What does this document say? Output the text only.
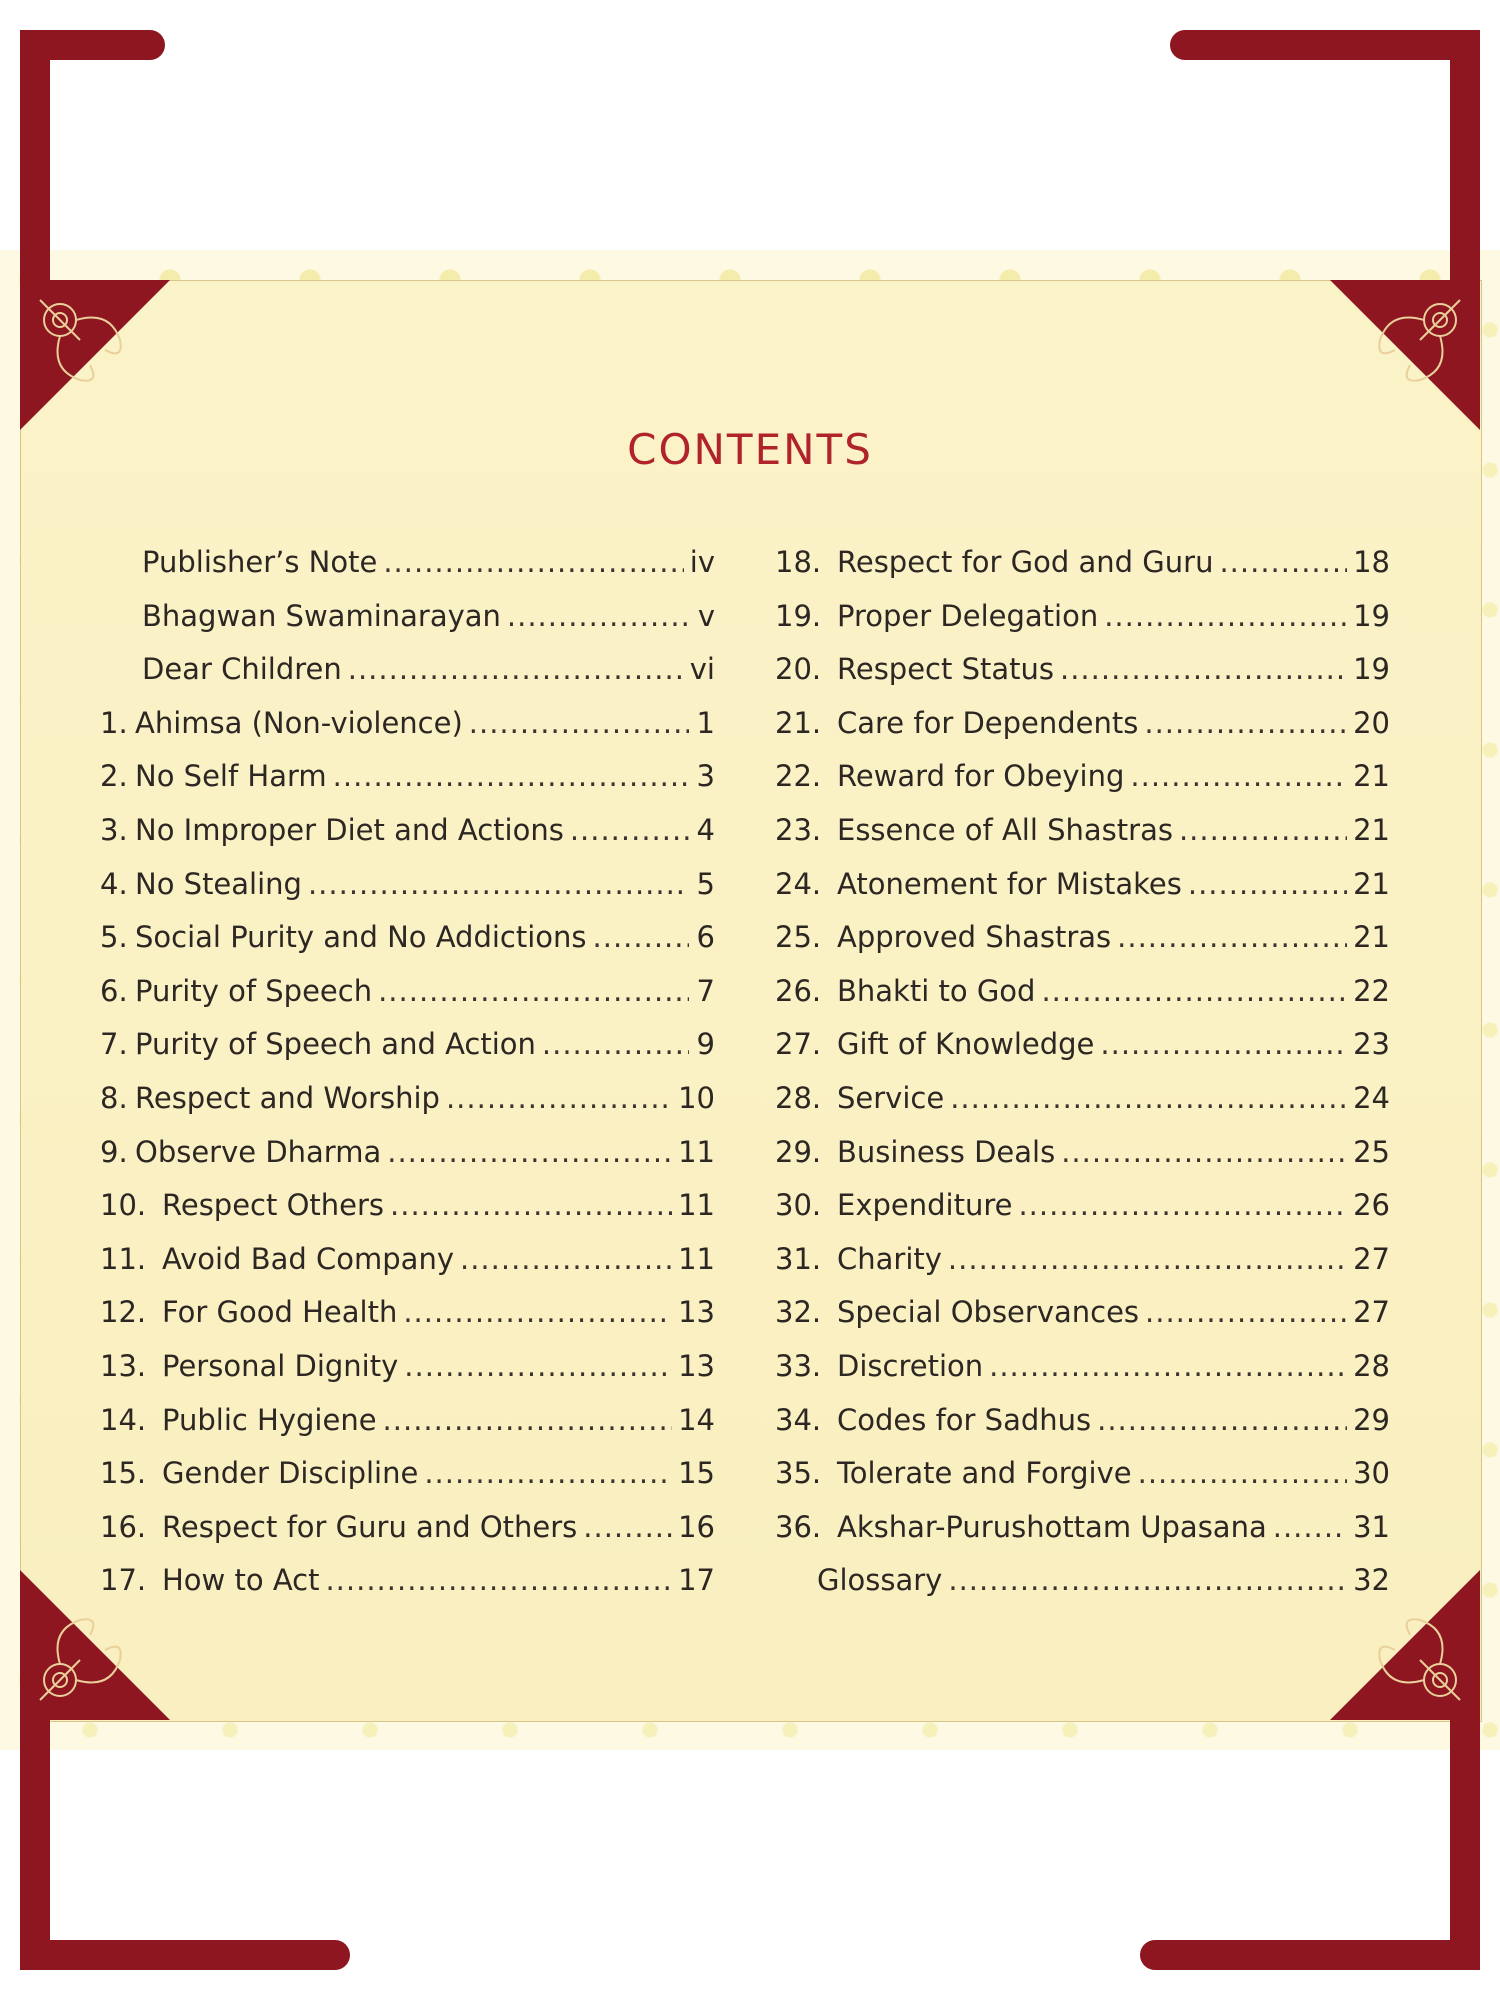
CONTENTS
Publisher’s Note .....	iv
Bhagwan Swaminarayan .....	v
Dear Children .....	vi
1. Ahimsa (Non-violence) .....	1
2. No Self Harm .....	3
3. No Improper Diet and Actions .....	4
4. No Stealing .....	5
5. Social Purity and No Addictions .....	6
6. Purity of Speech .....	7
7. Purity of Speech and Action .....	9
8. Respect and Worship .....	10
9. Observe Dharma .....	11
10. Respect Others .....	11
11. Avoid Bad Company .....	11
12. For Good Health .....	13
13. Personal Dignity .....	13
14. Public Hygiene .....	14
15. Gender Discipline .....	15
16. Respect for Guru and Others .....	16
17. How to Act .....	17
18. Respect for God and Guru .....	18
19. Proper Delegation .....	19
20. Respect Status .....	19
21. Care for Dependents .....	20
22. Reward for Obeying .....	21
23. Essence of All Shastras .....	21
24. Atonement for Mistakes .....	21
25. Approved Shastras .....	21
26. Bhakti to God .....	22
27. Gift of Knowledge .....	23
28. Service .....	24
29. Business Deals .....	25
30. Expenditure .....	26
31. Charity .....	27
32. Special Observances .....	27
33. Discretion .....	28
34. Codes for Sadhus .....	29
35. Tolerate and Forgive .....	30
36. Akshar-Purushottam Upasana .....	31
Glossary .....	32
